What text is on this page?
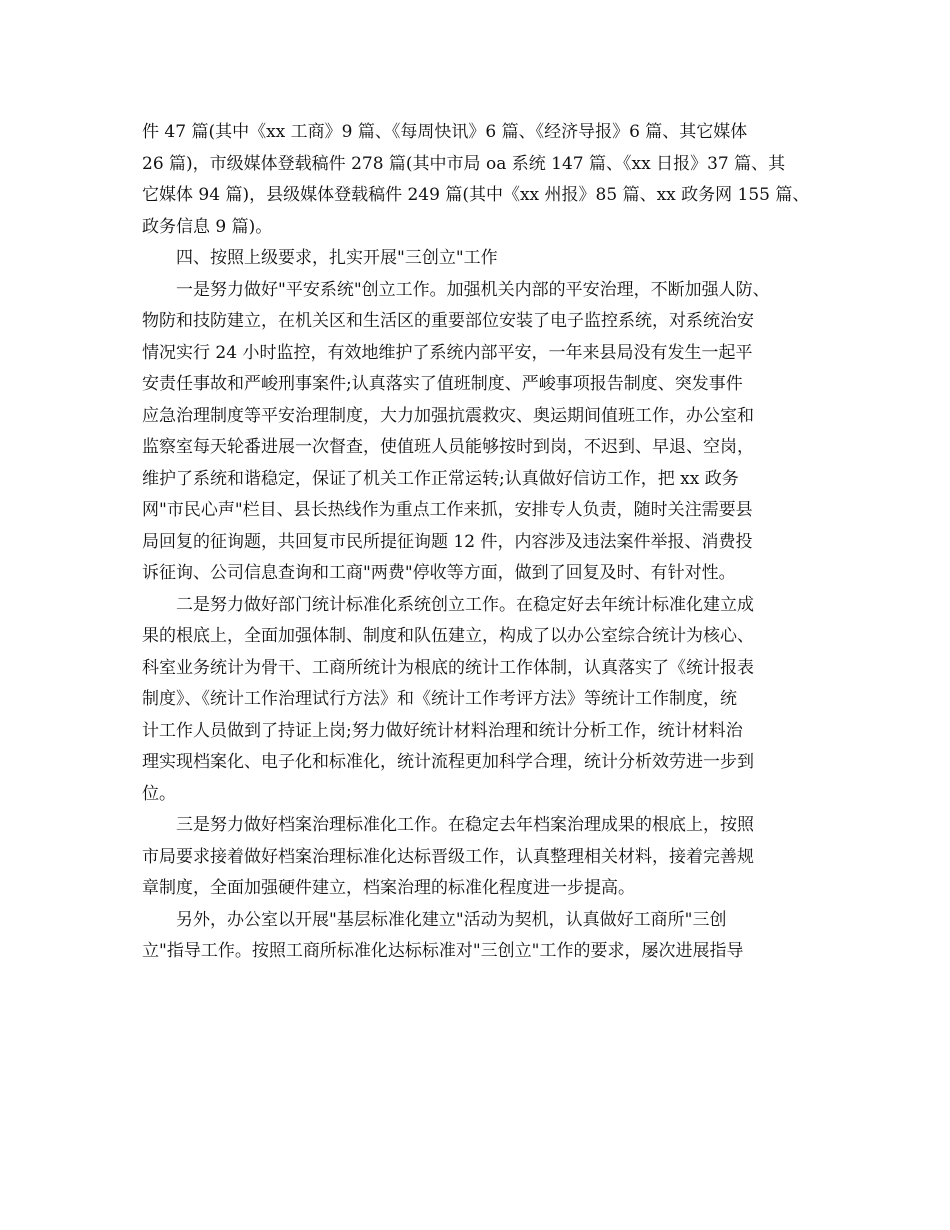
件 47 篇(其中《xx 工商》9 篇、《每周快讯》6 篇、《经济导报》6 篇、其它媒体
26 篇)，市级媒体登载稿件 278 篇(其中市局 oa 系统 147 篇、《xx 日报》37 篇、其
它媒体 94 篇)，县级媒体登载稿件 249 篇(其中《xx 州报》85 篇、xx 政务网 155 篇、
政务信息 9 篇)。
四、按照上级要求，扎实开展"三创立"工作
一是努力做好"平安系统"创立工作。加强机关内部的平安治理，不断加强人防、
物防和技防建立，在机关区和生活区的重要部位安装了电子监控系统，对系统治安
情况实行 24 小时监控，有效地维护了系统内部平安，一年来县局没有发生一起平
安责任事故和严峻刑事案件;认真落实了值班制度、严峻事项报告制度、突发事件
应急治理制度等平安治理制度，大力加强抗震救灾、奥运期间值班工作，办公室和
监察室每天轮番进展一次督查，使值班人员能够按时到岗，不迟到、早退、空岗，
维护了系统和谐稳定，保证了机关工作正常运转;认真做好信访工作，把 xx 政务
网"市民心声"栏目、县长热线作为重点工作来抓，安排专人负责，随时关注需要县
局回复的征询题，共回复市民所提征询题 12 件，内容涉及违法案件举报、消费投
诉征询、公司信息查询和工商"两费"停收等方面，做到了回复及时、有针对性。
二是努力做好部门统计标准化系统创立工作。在稳定好去年统计标准化建立成
果的根底上，全面加强体制、制度和队伍建立，构成了以办公室综合统计为核心、
科室业务统计为骨干、工商所统计为根底的统计工作体制，认真落实了《统计报表
制度》、《统计工作治理试行方法》和《统计工作考评方法》等统计工作制度，统
计工作人员做到了持证上岗;努力做好统计材料治理和统计分析工作，统计材料治
理实现档案化、电子化和标准化，统计流程更加科学合理，统计分析效劳进一步到
位。
三是努力做好档案治理标准化工作。在稳定去年档案治理成果的根底上，按照
市局要求接着做好档案治理标准化达标晋级工作，认真整理相关材料，接着完善规
章制度，全面加强硬件建立，档案治理的标准化程度进一步提高。
另外，办公室以开展"基层标准化建立"活动为契机，认真做好工商所"三创
立"指导工作。按照工商所标准化达标标准对"三创立"工作的要求，屡次进展指导
